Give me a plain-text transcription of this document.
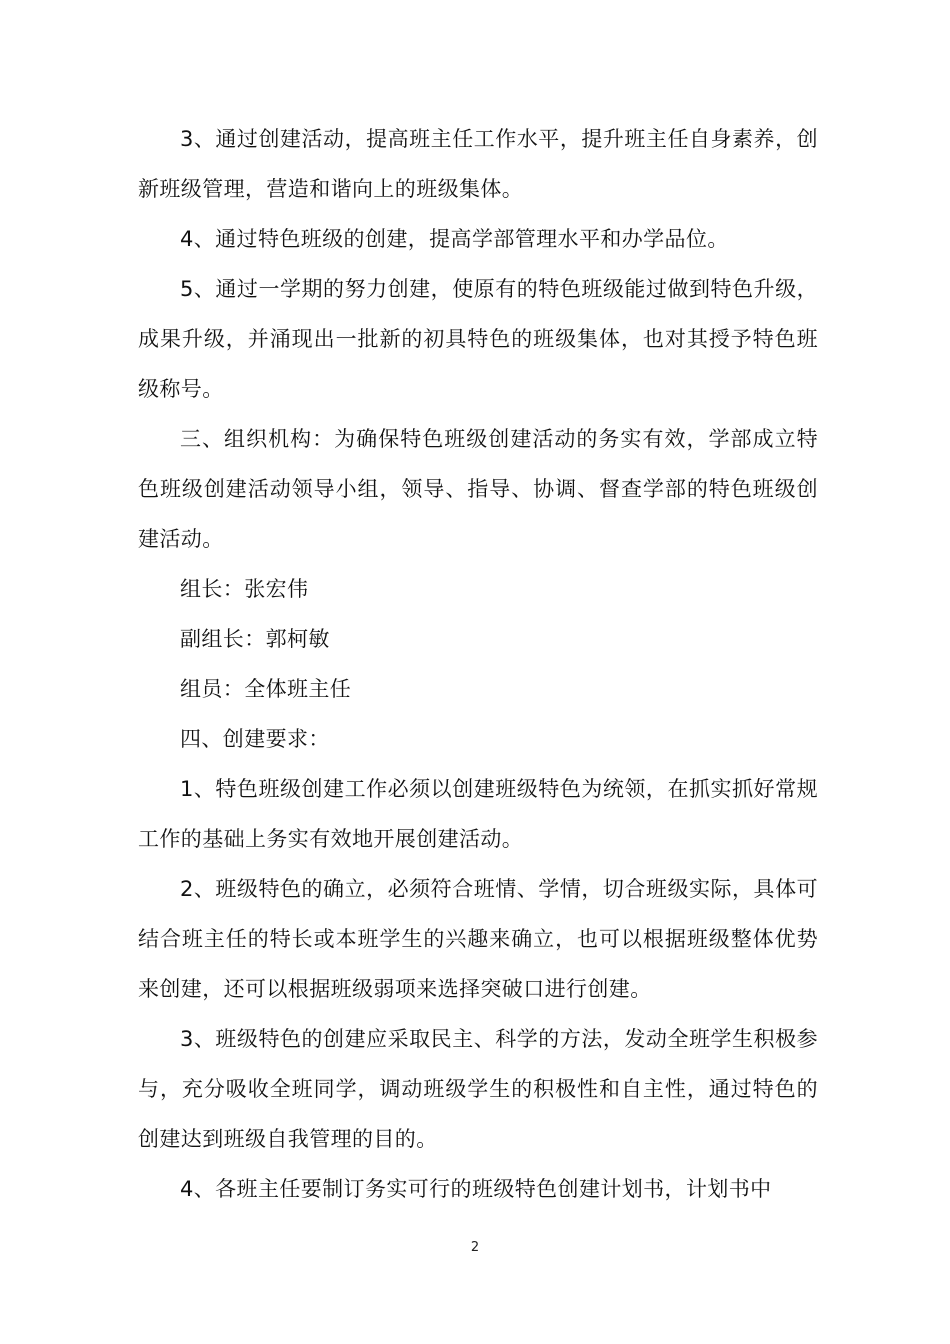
3、通过创建活动，提高班主任工作水平，提升班主任自身素养，创新班级管理，营造和谐向上的班级集体。

4、通过特色班级的创建，提高学部管理水平和办学品位。

5、通过一学期的努力创建，使原有的特色班级能过做到特色升级，成果升级，并涌现出一批新的初具特色的班级集体，也对其授予特色班级称号。

三、组织机构：为确保特色班级创建活动的务实有效，学部成立特色班级创建活动领导小组，领导、指导、协调、督查学部的特色班级创建活动。

组长：张宏伟

副组长：郭柯敏

组员：全体班主任

四、创建要求：

1、特色班级创建工作必须以创建班级特色为统领，在抓实抓好常规工作的基础上务实有效地开展创建活动。

2、班级特色的确立，必须符合班情、学情，切合班级实际，具体可结合班主任的特长或本班学生的兴趣来确立，也可以根据班级整体优势来创建，还可以根据班级弱项来选择突破口进行创建。

3、班级特色的创建应采取民主、科学的方法，发动全班学生积极参与，充分吸收全班同学，调动班级学生的积极性和自主性，通过特色的创建达到班级自我管理的目的。

4、各班主任要制订务实可行的班级特色创建计划书，计划书中

2
